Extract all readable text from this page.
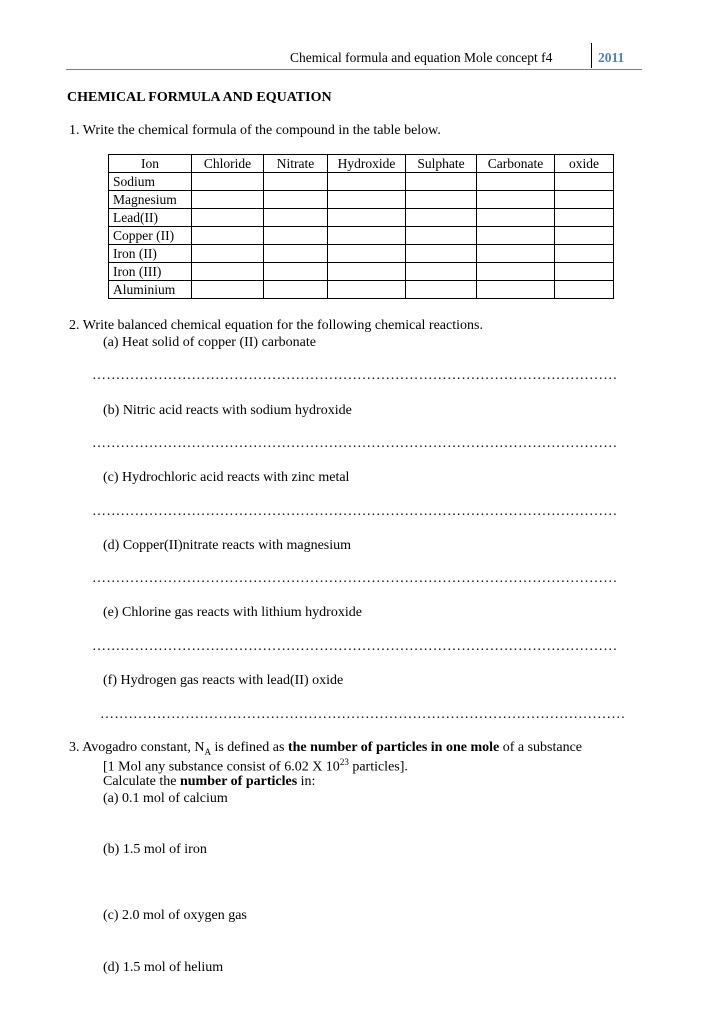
Chemical formula and equation Mole concept f4	2011
CHEMICAL FORMULA AND EQUATION
1. Write the chemical formula of the compound in the table below.
Ion	Chloride	Nitrate	Hydroxide	Sulphate	Carbonate	oxide
Sodium						
Magnesium						
Lead(II)						
Copper (II)						
Iron (II)						
Iron (III)						
Aluminium						
2. Write balanced chemical equation for the following chemical reactions.
(a) Heat solid of copper (II) carbonate
…………………………………………………………………………………………………
(b) Nitric acid reacts with sodium hydroxide
…………………………………………………………………………………………………
(c) Hydrochloric acid reacts with zinc metal
…………………………………………………………………………………………………
(d) Copper(II)nitrate reacts with magnesium
…………………………………………………………………………………………………
(e) Chlorine gas reacts with lithium hydroxide
…………………………………………………………………………………………………
(f) Hydrogen gas reacts with lead(II) oxide
…………………………………………………………………………………………………
3. Avogadro constant, $N_A$ is defined as the number of particles in one mole of a substance
[1 Mol any substance consist of 6.02 X $10^{23}$ particles].
Calculate the number of particles in:
(a) 0.1 mol of calcium
(b) 1.5 mol of iron
(c) 2.0 mol of oxygen gas
(d) 1.5 mol of helium
